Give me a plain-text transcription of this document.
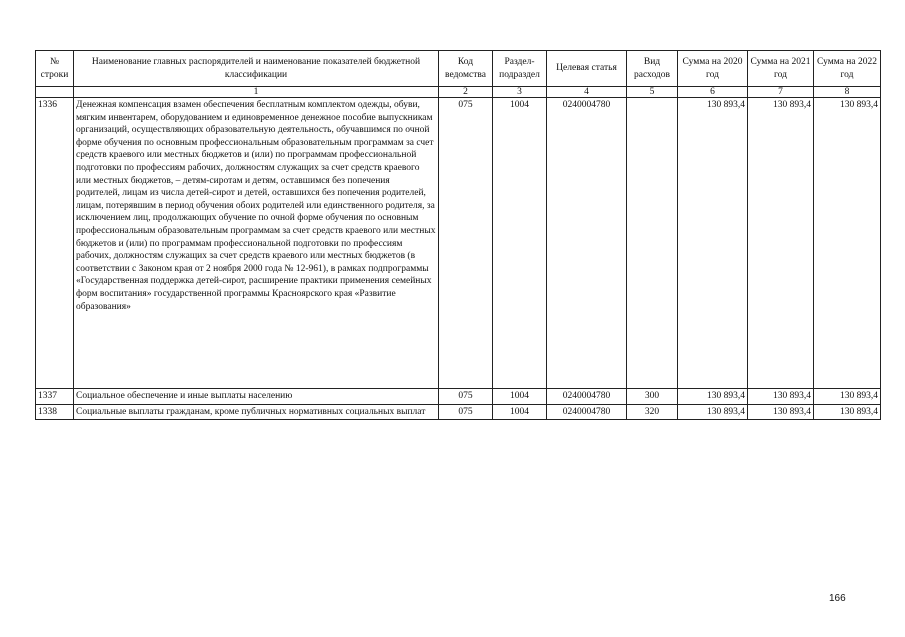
№ строки	Наименование главных распорядителей и наименование показателей бюджетной классификации	Код ведомства	Раздел-подраздел	Целевая статья	Вид расходов	Сумма на 2020 год	Сумма на 2021 год	Сумма на 2022 год
	1	2	3	4	5	6	7	8
1336	Денежная компенсация взамен обеспечения бесплатным комплектом одежды, обуви, мягким инвентарем, оборудованием и единовременное денежное пособие выпускникам организаций, осуществляющих образовательную деятельность, обучавшимся по очной форме обучения по основным профессиональным образовательным программам за счет средств краевого или местных бюджетов и (или) по программам профессиональной подготовки по профессиям рабочих, должностям служащих за счет средств краевого или местных бюджетов, – детям-сиротам и детям, оставшимся без попечения родителей, лицам из числа детей-сирот и детей, оставшихся без попечения родителей, лицам, потерявшим в период обучения обоих родителей или единственного родителя, за исключением лиц, продолжающих обучение по очной форме обучения по основным профессиональным образовательным программам за счет средств краевого или местных бюджетов и (или) по программам профессиональной подготовки по профессиям рабочих, должностям служащих за счет средств краевого или местных бюджетов (в соответствии с Законом края от 2 ноября 2000 года № 12-961), в рамках подпрограммы «Государственная поддержка детей-сирот, расширение практики применения семейных форм воспитания» государственной программы Красноярского края «Развитие образования»	075	1004	0240004780		130 893,4	130 893,4	130 893,4
1337	Социальное обеспечение и иные выплаты населению	075	1004	0240004780	300	130 893,4	130 893,4	130 893,4
1338	Социальные выплаты гражданам, кроме публичных нормативных социальных выплат	075	1004	0240004780	320	130 893,4	130 893,4	130 893,4
166
